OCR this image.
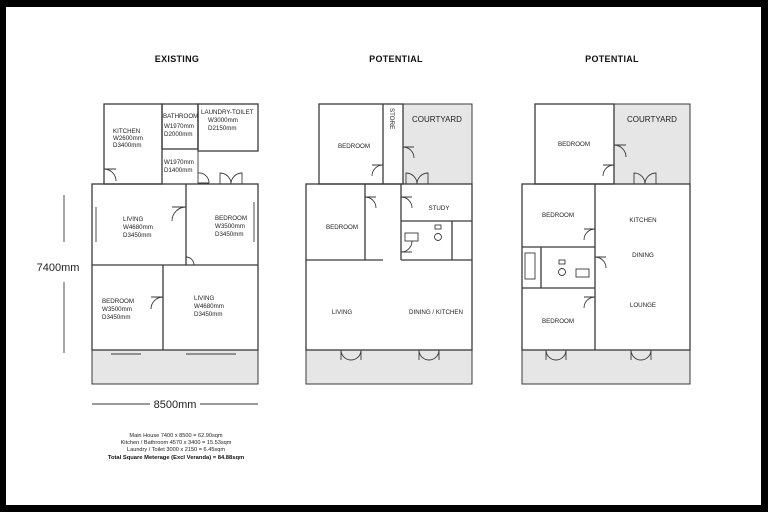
EXISTING	POTENTIAL	POTENTIAL
KITCHEN
W2600mm
D3400mm
BATHROOM
W1970mm
D2000mm
LAUNDRY-TOILET
W3000mm
D2150mm
W1970mm
D1400mm
LIVING
W4680mm
D3450mm
BEDROOM
W3500mm
D3450mm
BEDROOM
W3500mm
D3450mm
LIVING
W4680mm
D3450mm
7400mm
8500mm
Main House 7400 x 8500 = 62.90sqm
Kitchen / Bathroom 4570 x 3400 = 15.53sqm
Laundry / Toilet 3000 x 2150 = 6.45sqm
Total Square Meterage (Excl Veranda) = 84.88sqm
STORE COURTYARD
BEDROOM
BEDROOM
STUDY
LIVING	DINING / KITCHEN
BEDROOM
COURTYARD
BEDROOM
KITCHEN
DINING
LOUNGE
BEDROOM
